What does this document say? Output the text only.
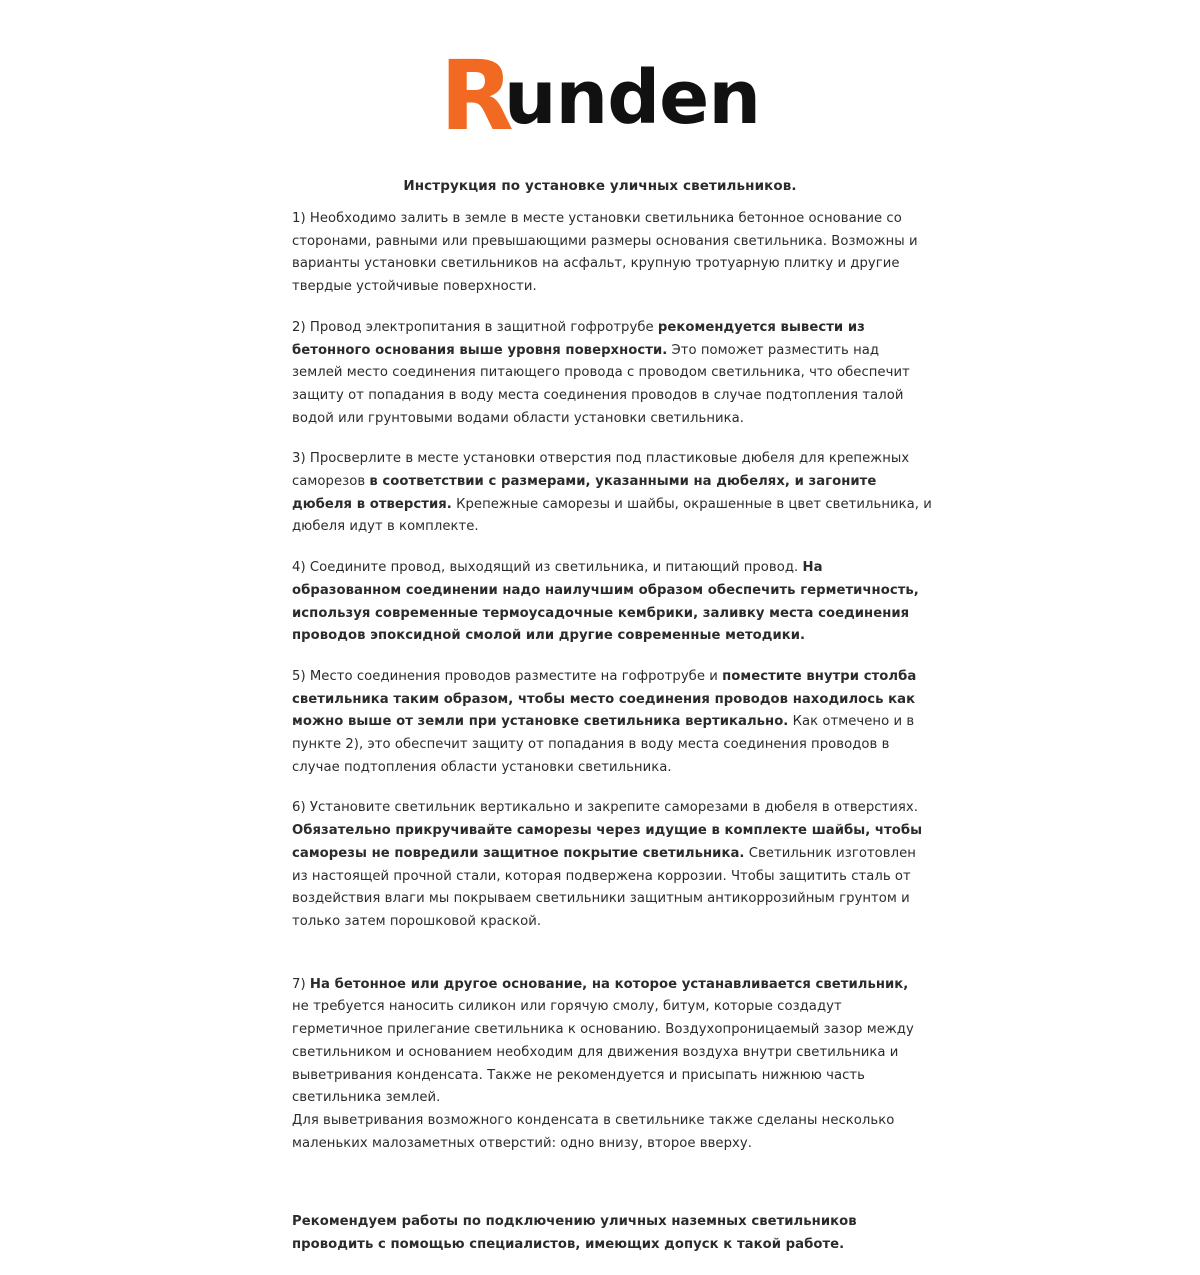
Runden
Инструкция по установке уличных светильников.

1) Необходимо залить в земле в месте установки светильника бетонное основание со сторонами, равными или превышающими размеры основания светильника. Возможны и варианты установки светильников на асфальт, крупную тротуарную плитку и другие твердые устойчивые поверхности.

2) Провод электропитания в защитной гофротрубе рекомендуется вывести из бетонного основания выше уровня поверхности. Это поможет разместить над землей место соединения питающего провода с проводом светильника, что обеспечит защиту от попадания в воду места соединения проводов в случае подтопления талой водой или грунтовыми водами области установки светильника.

3) Просверлите в месте установки отверстия под пластиковые дюбеля для крепежных саморезов в соответствии с размерами, указанными на дюбелях, и загоните дюбеля в отверстия. Крепежные саморезы и шайбы, окрашенные в цвет светильника, и дюбеля идут в комплекте.

4) Соедините провод, выходящий из светильника, и питающий провод. На образованном соединении надо наилучшим образом обеспечить герметичность, используя современные термоусадочные кембрики, заливку места соединения проводов эпоксидной смолой или другие современные методики.

5) Место соединения проводов разместите на гофротрубе и поместите внутри столба светильника таким образом, чтобы место соединения проводов находилось как можно выше от земли при установке светильника вертикально. Как отмечено и в пункте 2), это обеспечит защиту от попадания в воду места соединения проводов в случае подтопления области установки светильника.

6) Установите светильник вертикально и закрепите саморезами в дюбеля в отверстиях. Обязательно прикручивайте саморезы через идущие в комплекте шайбы, чтобы саморезы не повредили защитное покрытие светильника. Светильник изготовлен из настоящей прочной стали, которая подвержена коррозии. Чтобы защитить сталь от воздействия влаги мы покрываем светильники защитным антикоррозийным грунтом и только затем порошковой краской.

7) На бетонное или другое основание, на которое устанавливается светильник,
не требуется наносить силикон или горячую смолу, битум, которые создадут герметичное прилегание светильника к основанию. Воздухопроницаемый зазор между светильником и основанием необходим для движения воздуха внутри светильника и выветривания конденсата. Также не рекомендуется и присыпать нижнюю часть светильника землей.
Для выветривания возможного конденсата в светильнике также сделаны несколько маленьких малозаметных отверстий: одно внизу, второе вверху.

Рекомендуем работы по подключению уличных наземных светильников проводить с помощью специалистов, имеющих допуск к такой работе.
